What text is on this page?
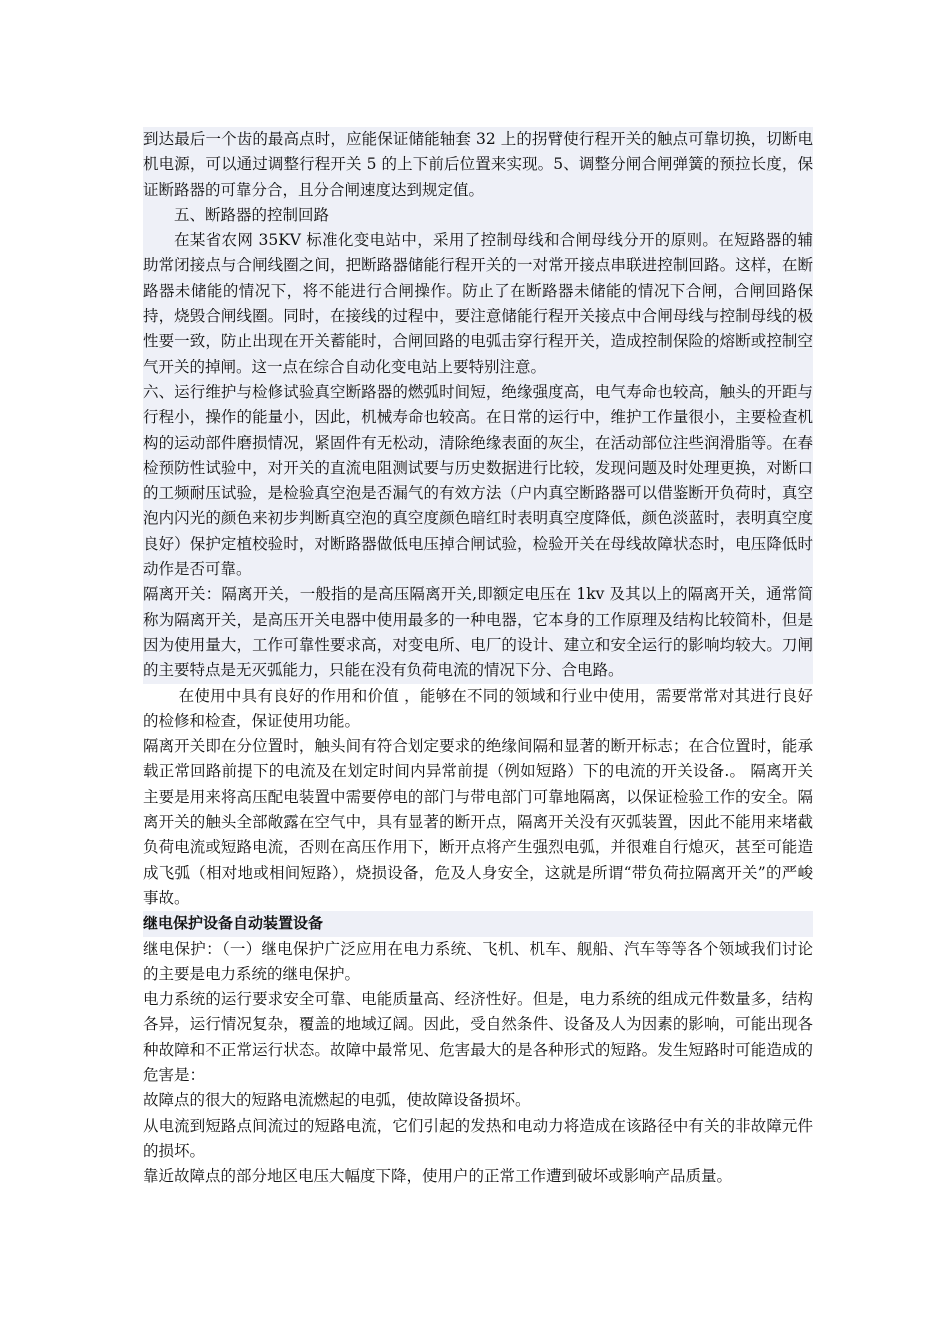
到达最后一个齿的最高点时，应能保证储能轴套 32 上的拐臂使行程开关的触点可靠切换，切断电机电源，可以通过调整行程开关 5 的上下前后位置来实现。5、调整分闸合闸弹簧的预拉长度，保证断路器的可靠分合，且分合闸速度达到规定值。

五、断路器的控制回路

在某省农网 35KV 标准化变电站中，采用了控制母线和合闸母线分开的原则。在短路器的辅助常闭接点与合闸线圈之间，把断路器储能行程开关的一对常开接点串联进控制回路。这样，在断路器未储能的情况下，将不能进行合闸操作。防止了在断路器未储能的情况下合闸，合闸回路保持，烧毁合闸线圈。同时，在接线的过程中，要注意储能行程开关接点中合闸母线与控制母线的极性要一致，防止出现在开关蓄能时，合闸回路的电弧击穿行程开关，造成控制保险的熔断或控制空气开关的掉闸。这一点在综合自动化变电站上要特别注意。

六、运行维护与检修试验真空断路器的燃弧时间短，绝缘强度高，电气寿命也较高，触头的开距与行程小，操作的能量小，因此，机械寿命也较高。在日常的运行中，维护工作量很小，主要检查机构的运动部件磨损情况，紧固件有无松动，清除绝缘表面的灰尘，在活动部位注些润滑脂等。在春检预防性试验中，对开关的直流电阻测试要与历史数据进行比较，发现问题及时处理更换，对断口的工频耐压试验，是检验真空泡是否漏气的有效方法（户内真空断路器可以借鉴断开负荷时，真空泡内闪光的颜色来初步判断真空泡的真空度颜色暗红时表明真空度降低，颜色淡蓝时，表明真空度良好）保护定植校验时，对断路器做低电压掉合闸试验，检验开关在母线故障状态时，电压降低时动作是否可靠。

隔离开关：隔离开关，一般指的是高压隔离开关,即额定电压在 1kv 及其以上的隔离开关，通常简称为隔离开关，是高压开关电器中使用最多的一种电器，它本身的工作原理及结构比较简朴，但是因为使用量大，工作可靠性要求高，对变电所、电厂的设计、建立和安全运行的影响均较大。刀闸的主要特点是无灭弧能力，只能在没有负荷电流的情况下分、合电路。

在使用中具有良好的作用和价值 ，能够在不同的领域和行业中使用，需要常常对其进行良好的检修和检查，保证使用功能。

隔离开关即在分位置时，触头间有符合划定要求的绝缘间隔和显著的断开标志；在合位置时，能承载正常回路前提下的电流及在划定时间内异常前提（例如短路）下的电流的开关设备.。 隔离开关主要是用来将高压配电装置中需要停电的部门与带电部门可靠地隔离，以保证检验工作的安全。隔离开关的触头全部敞露在空气中，具有显著的断开点，隔离开关没有灭弧装置，因此不能用来堵截负荷电流或短路电流，否则在高压作用下，断开点将产生强烈电弧，并很难自行熄灭，甚至可能造成飞弧（相对地或相间短路），烧损设备，危及人身安全，这就是所谓“带负荷拉隔离开关”的严峻事故。

继电保护设备自动装置设备

继电保护：（一）继电保护广泛应用在电力系统、飞机、机车、舰船、汽车等等各个领域我们讨论的主要是电力系统的继电保护。

电力系统的运行要求安全可靠、电能质量高、经济性好。但是，电力系统的组成元件数量多，结构各异，运行情况复杂，覆盖的地域辽阔。因此，受自然条件、设备及人为因素的影响，可能出现各种故障和不正常运行状态。故障中最常见、危害最大的是各种形式的短路。发生短路时可能造成的危害是：

故障点的很大的短路电流燃起的电弧，使故障设备损坏。

从电流到短路点间流过的短路电流，它们引起的发热和电动力将造成在该路径中有关的非故障元件的损坏。

靠近故障点的部分地区电压大幅度下降，使用户的正常工作遭到破坏或影响产品质量。
